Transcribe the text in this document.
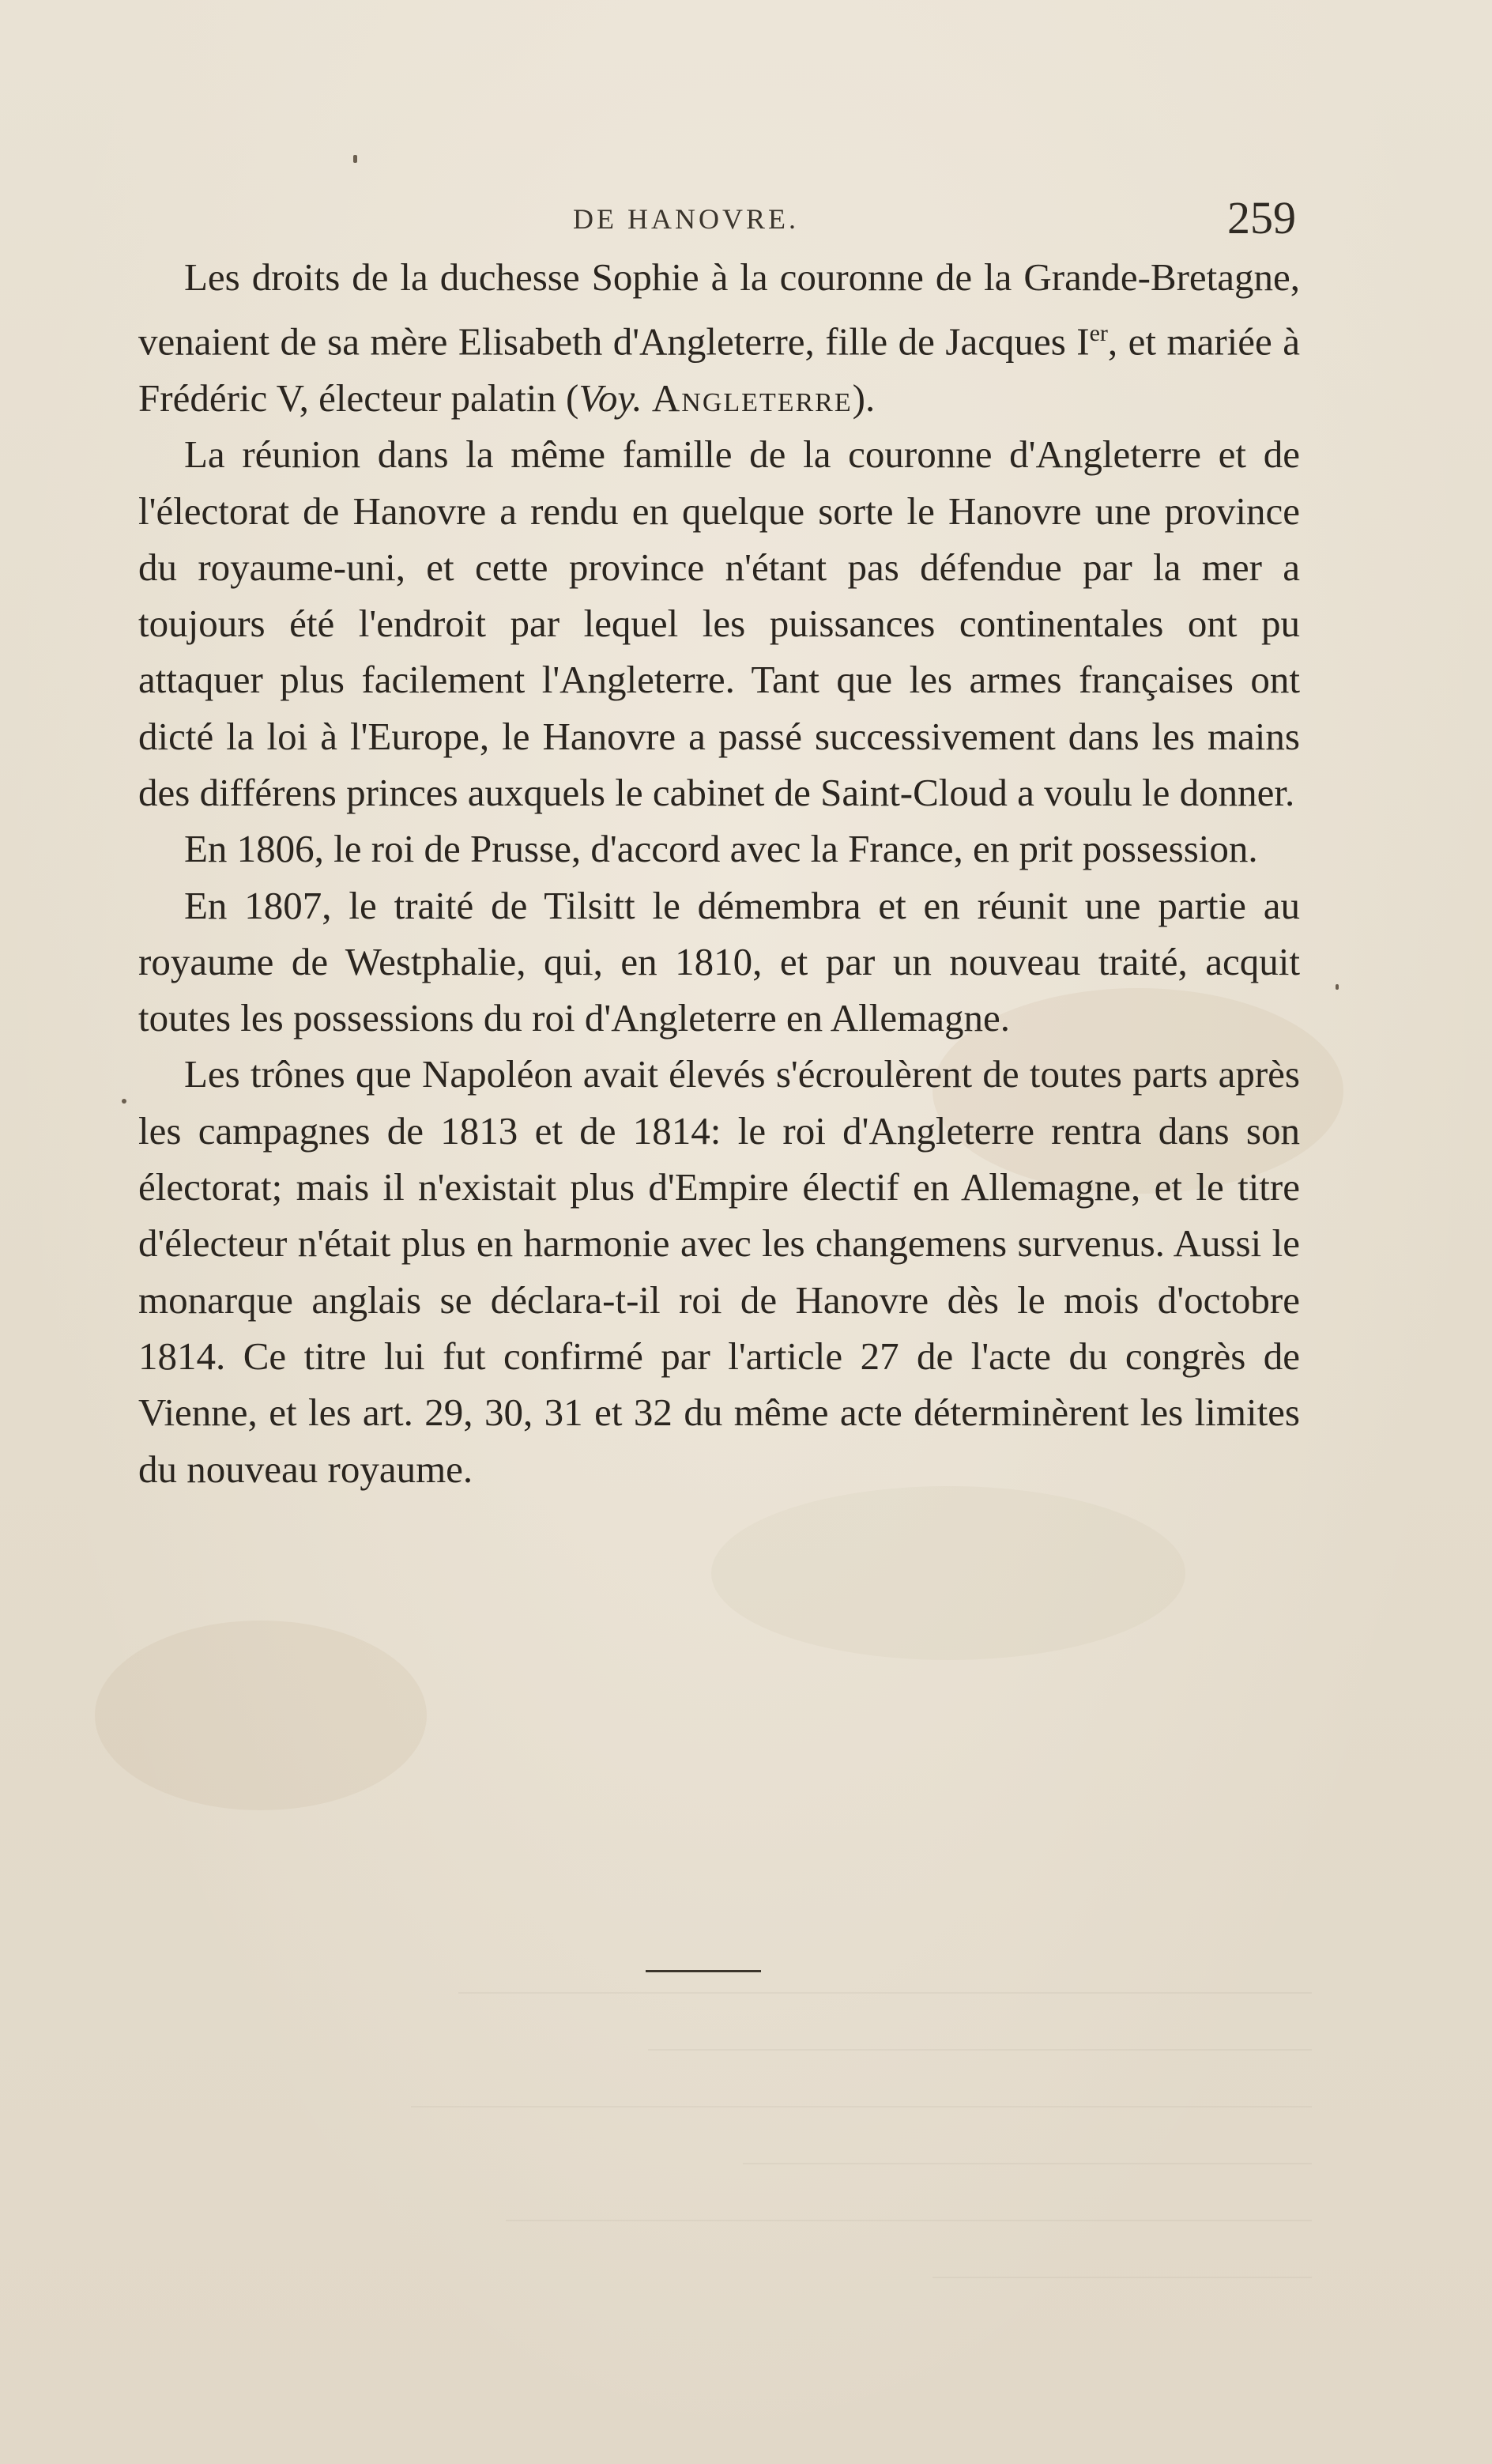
DE HANOVRE.	259

Les droits de la duchesse Sophie à la couronne de la Grande-Bretagne, venaient de sa mère Elisabeth d'Angleterre, fille de Jacques Ier, et mariée à Frédéric V, électeur palatin (Voy. Angleterre).

La réunion dans la même famille de la couronne d'Angleterre et de l'électorat de Hanovre a rendu en quelque sorte le Hanovre une province du royaume-uni, et cette province n'étant pas défendue par la mer a toujours été l'endroit par lequel les puissances continentales ont pu attaquer plus facilement l'Angleterre. Tant que les armes françaises ont dicté la loi à l'Europe, le Hanovre a passé successivement dans les mains des différens princes auxquels le cabinet de Saint-Cloud a voulu le donner.

En 1806, le roi de Prusse, d'accord avec la France, en prit possession.

En 1807, le traité de Tilsitt le démembra et en réunit une partie au royaume de Westphalie, qui, en 1810, et par un nouveau traité, acquit toutes les possessions du roi d'Angleterre en Allemagne.

Les trônes que Napoléon avait élevés s'écroulèrent de toutes parts après les campagnes de 1813 et de 1814: le roi d'Angleterre rentra dans son électorat; mais il n'existait plus d'Empire électif en Allemagne, et le titre d'électeur n'était plus en harmonie avec les changemens survenus. Aussi le monarque anglais se déclara-t-il roi de Hanovre dès le mois d'octobre 1814. Ce titre lui fut confirmé par l'article 27 de l'acte du congrès de Vienne, et les art. 29, 30, 31 et 32 du même acte déterminèrent les limites du nouveau royaume.
